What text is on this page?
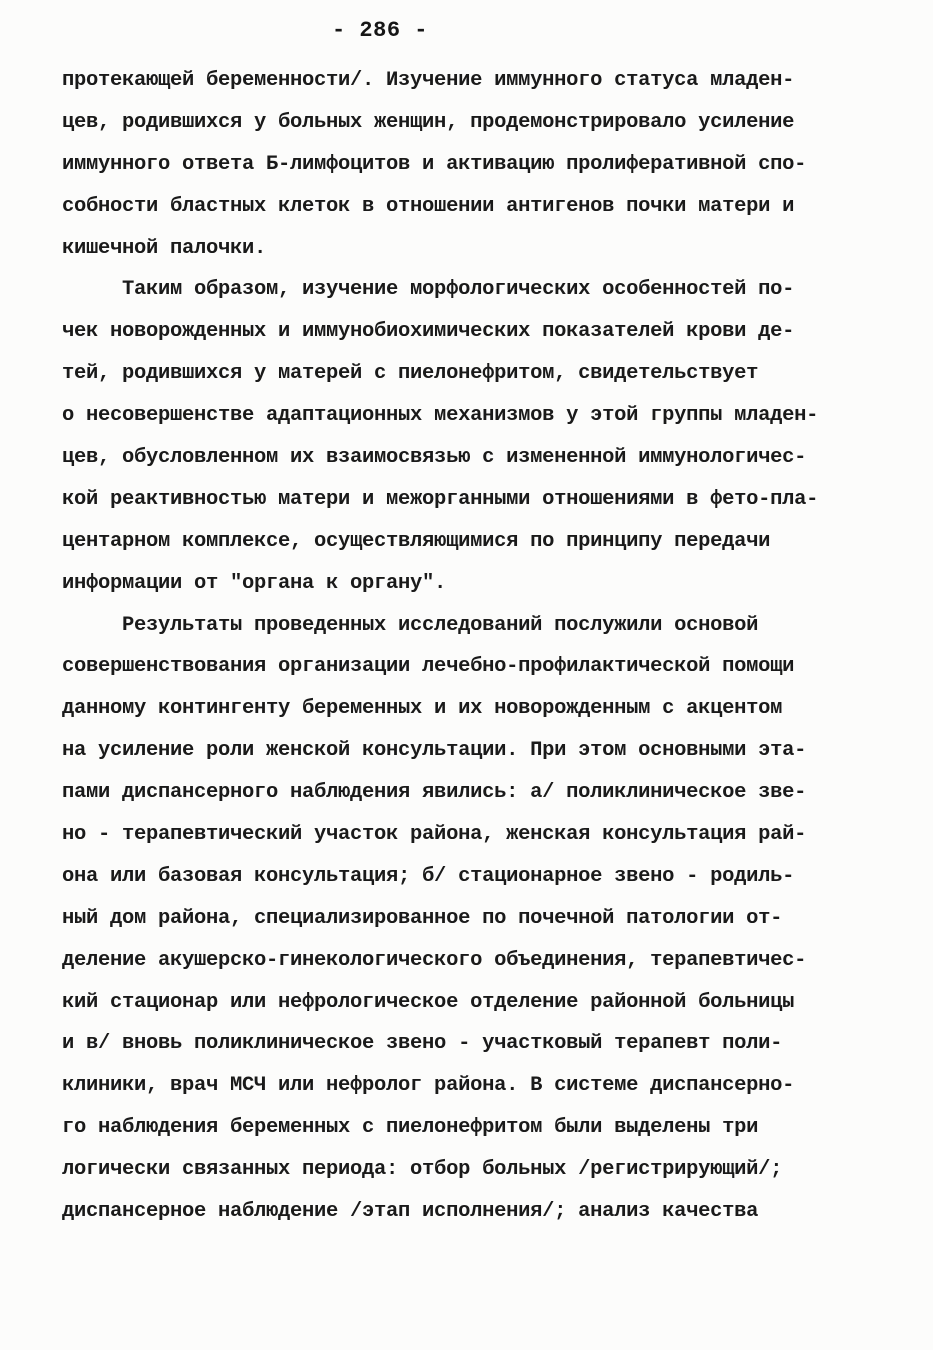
- 286 -
протекающей беременности/. Изучение иммунного статуса младен-
цев, родившихся у больных женщин, продемонстрировало усиление
иммунного ответа Б-лимфоцитов и активацию пролиферативной спо-
собности бластных клеток в отношении антигенов почки матери и
кишечной палочки.
Таким образом, изучение морфологических особенностей по-
чек новорожденных и иммунобиохимических показателей крови де-
тей, родившихся у матерей с пиелонефритом, свидетельствует
о несовершенстве адаптационных механизмов у этой группы младен-
цев, обусловленном их взаимосвязью с измененной иммунологичес-
кой реактивностью матери и межорганными отношениями в фето-пла-
центарном комплексе, осуществляющимися по принципу передачи
информации от "органа к органу".
Результаты проведенных исследований послужили основой
совершенствования организации лечебно-профилактической помощи
данному контингенту беременных и их новорожденным с акцентом
на усиление роли женской консультации. При этом основными эта-
пами диспансерного наблюдения явились: а/ поликлиническое зве-
но - терапевтический участок района, женская консультация рай-
она или базовая консультация; б/ стационарное звено - родиль-
ный дом района, специализированное по почечной патологии от-
деление акушерско-гинекологического объединения, терапевтичес-
кий стационар или нефрологическое отделение районной больницы
и в/ вновь поликлиническое звено - участковый терапевт поли-
клиники, врач МСЧ или нефролог района. В системе диспансерно-
го наблюдения беременных с пиелонефритом были выделены три
логически связанных периода: отбор больных /регистрирующий/;
диспансерное наблюдение /этап исполнения/; анализ качества
